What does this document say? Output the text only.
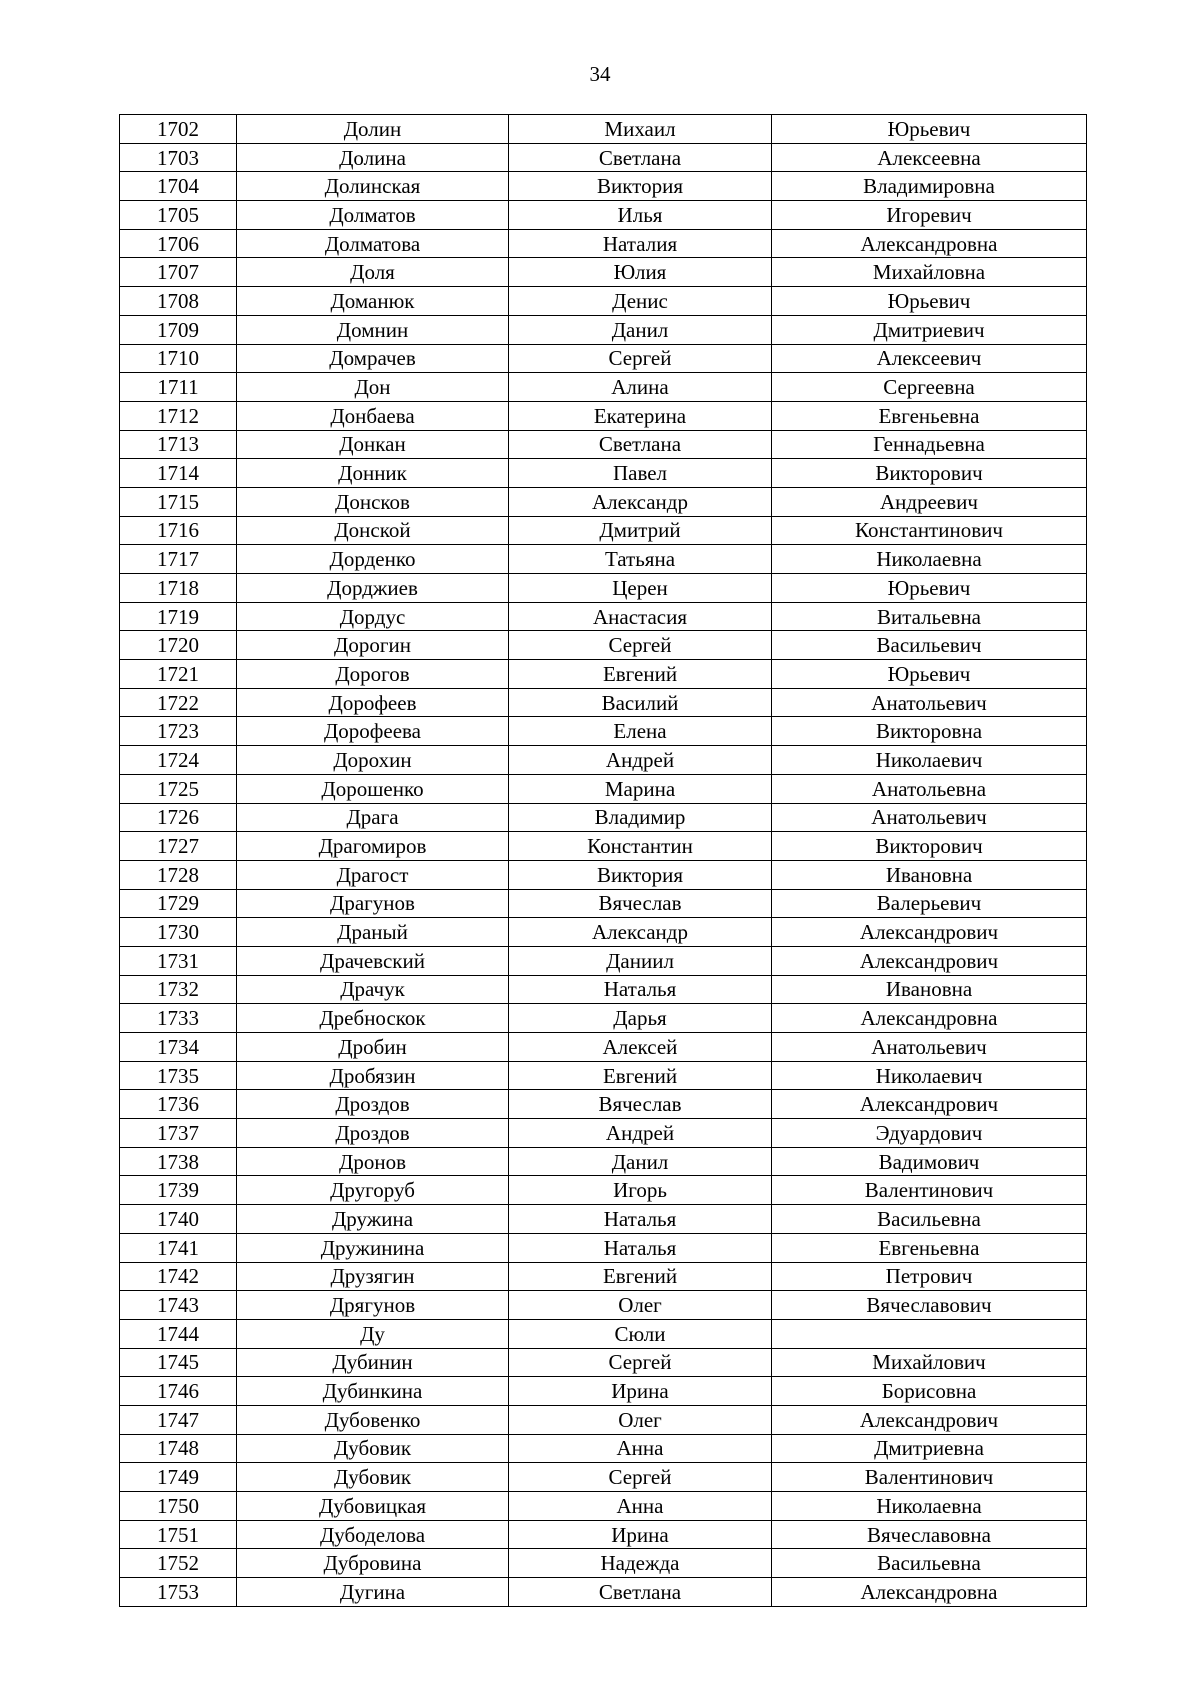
34
1702	Долин	Михаил	Юрьевич
1703	Долина	Светлана	Алексеевна
1704	Долинская	Виктория	Владимировна
1705	Долматов	Илья	Игоревич
1706	Долматова	Наталия	Александровна
1707	Доля	Юлия	Михайловна
1708	Доманюк	Денис	Юрьевич
1709	Домнин	Данил	Дмитриевич
1710	Домрачев	Сергей	Алексеевич
1711	Дон	Алина	Сергеевна
1712	Донбаева	Екатерина	Евгеньевна
1713	Донкан	Светлана	Геннадьевна
1714	Донник	Павел	Викторович
1715	Донсков	Александр	Андреевич
1716	Донской	Дмитрий	Константинович
1717	Дорденко	Татьяна	Николаевна
1718	Дорджиев	Церен	Юрьевич
1719	Дордус	Анастасия	Витальевна
1720	Дорогин	Сергей	Васильевич
1721	Дорогов	Евгений	Юрьевич
1722	Дорофеев	Василий	Анатольевич
1723	Дорофеева	Елена	Викторовна
1724	Дорохин	Андрей	Николаевич
1725	Дорошенко	Марина	Анатольевна
1726	Драга	Владимир	Анатольевич
1727	Драгомиров	Константин	Викторович
1728	Драгост	Виктория	Ивановна
1729	Драгунов	Вячеслав	Валерьевич
1730	Драный	Александр	Александрович
1731	Драчевский	Даниил	Александрович
1732	Драчук	Наталья	Ивановна
1733	Дребноскок	Дарья	Александровна
1734	Дробин	Алексей	Анатольевич
1735	Дробязин	Евгений	Николаевич
1736	Дроздов	Вячеслав	Александрович
1737	Дроздов	Андрей	Эдуардович
1738	Дронов	Данил	Вадимович
1739	Другоруб	Игорь	Валентинович
1740	Дружина	Наталья	Васильевна
1741	Дружинина	Наталья	Евгеньевна
1742	Друзягин	Евгений	Петрович
1743	Дрягунов	Олег	Вячеславович
1744	Ду	Сюли	
1745	Дубинин	Сергей	Михайлович
1746	Дубинкина	Ирина	Борисовна
1747	Дубовенко	Олег	Александрович
1748	Дубовик	Анна	Дмитриевна
1749	Дубовик	Сергей	Валентинович
1750	Дубовицкая	Анна	Николаевна
1751	Дубоделова	Ирина	Вячеславовна
1752	Дубровина	Надежда	Васильевна
1753	Дугина	Светлана	Александровна
